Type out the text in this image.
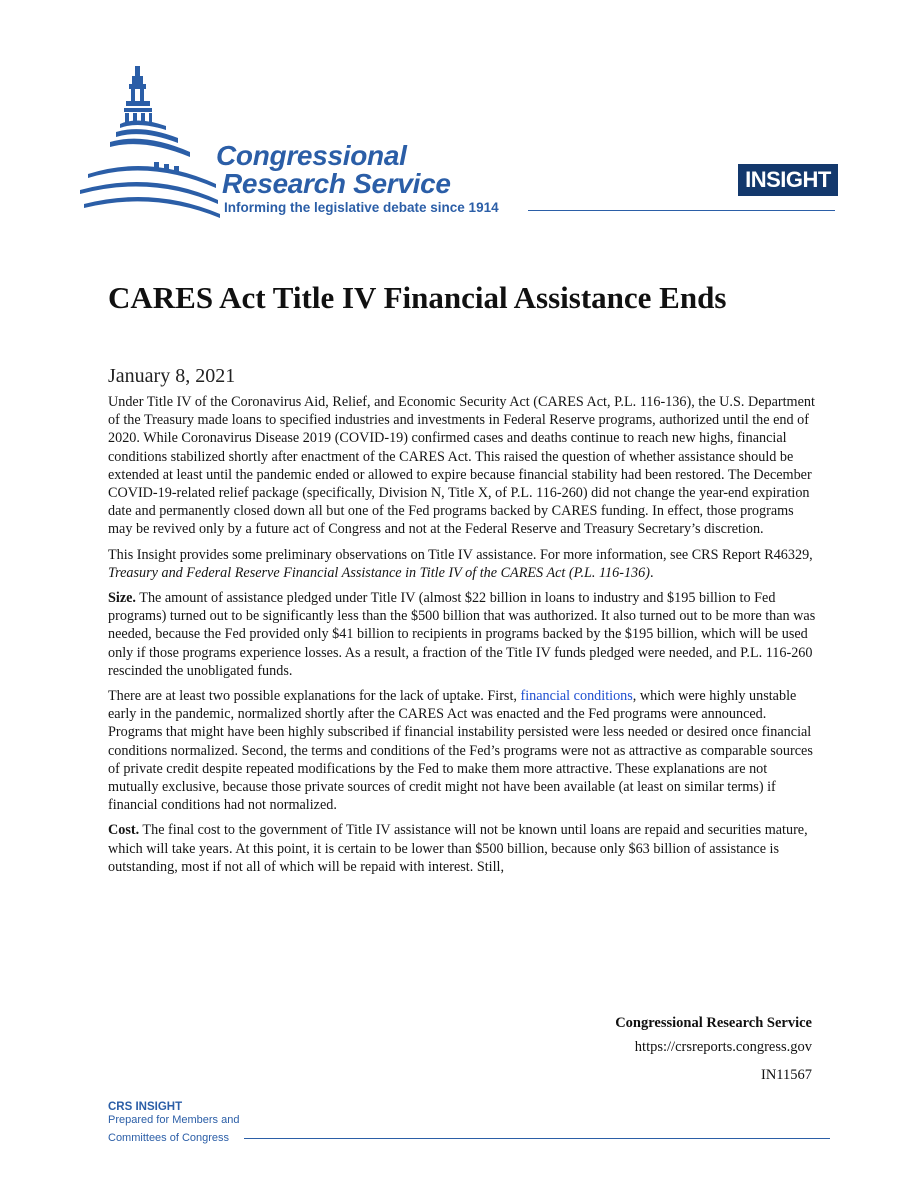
Congressional
Research Service
Informing the legislative debate since 1914
INSIGHT
CARES Act Title IV Financial Assistance Ends
January 8, 2021

Under Title IV of the Coronavirus Aid, Relief, and Economic Security Act (CARES Act, P.L. 116-136), the U.S. Department of the Treasury made loans to specified industries and investments in Federal Reserve programs, authorized until the end of 2020. While Coronavirus Disease 2019 (COVID-19) confirmed cases and deaths continue to reach new highs, financial conditions stabilized shortly after enactment of the CARES Act. This raised the question of whether assistance should be extended at least until the pandemic ended or allowed to expire because financial stability had been restored. The December COVID-19-related relief package (specifically, Division N, Title X, of P.L. 116-260) did not change the year-end expiration date and permanently closed down all but one of the Fed programs backed by CARES funding. In effect, those programs may be revived only by a future act of Congress and not at the Federal Reserve and Treasury Secretary’s discretion.

This Insight provides some preliminary observations on Title IV assistance. For more information, see CRS Report R46329, Treasury and Federal Reserve Financial Assistance in Title IV of the CARES Act (P.L. 116-136).

Size. The amount of assistance pledged under Title IV (almost $22 billion in loans to industry and $195 billion to Fed programs) turned out to be significantly less than the $500 billion that was authorized. It also turned out to be more than was needed, because the Fed provided only $41 billion to recipients in programs backed by the $195 billion, which will be used only if those programs experience losses. As a result, a fraction of the Title IV funds pledged were needed, and P.L. 116-260 rescinded the unobligated funds.

There are at least two possible explanations for the lack of uptake. First, financial conditions, which were highly unstable early in the pandemic, normalized shortly after the CARES Act was enacted and the Fed programs were announced. Programs that might have been highly subscribed if financial instability persisted were less needed or desired once financial conditions normalized. Second, the terms and conditions of the Fed’s programs were not as attractive as comparable sources of private credit despite repeated modifications by the Fed to make them more attractive. These explanations are not mutually exclusive, because those private sources of credit might not have been available (at least on similar terms) if financial conditions had not normalized.

Cost. The final cost to the government of Title IV assistance will not be known until loans are repaid and securities mature, which will take years. At this point, it is certain to be lower than $500 billion, because only $63 billion of assistance is outstanding, most if not all of which will be repaid with interest. Still,

Congressional Research Service
https://crsreports.congress.gov
IN11567
CRS INSIGHT
Prepared for Members and
Committees of Congress
